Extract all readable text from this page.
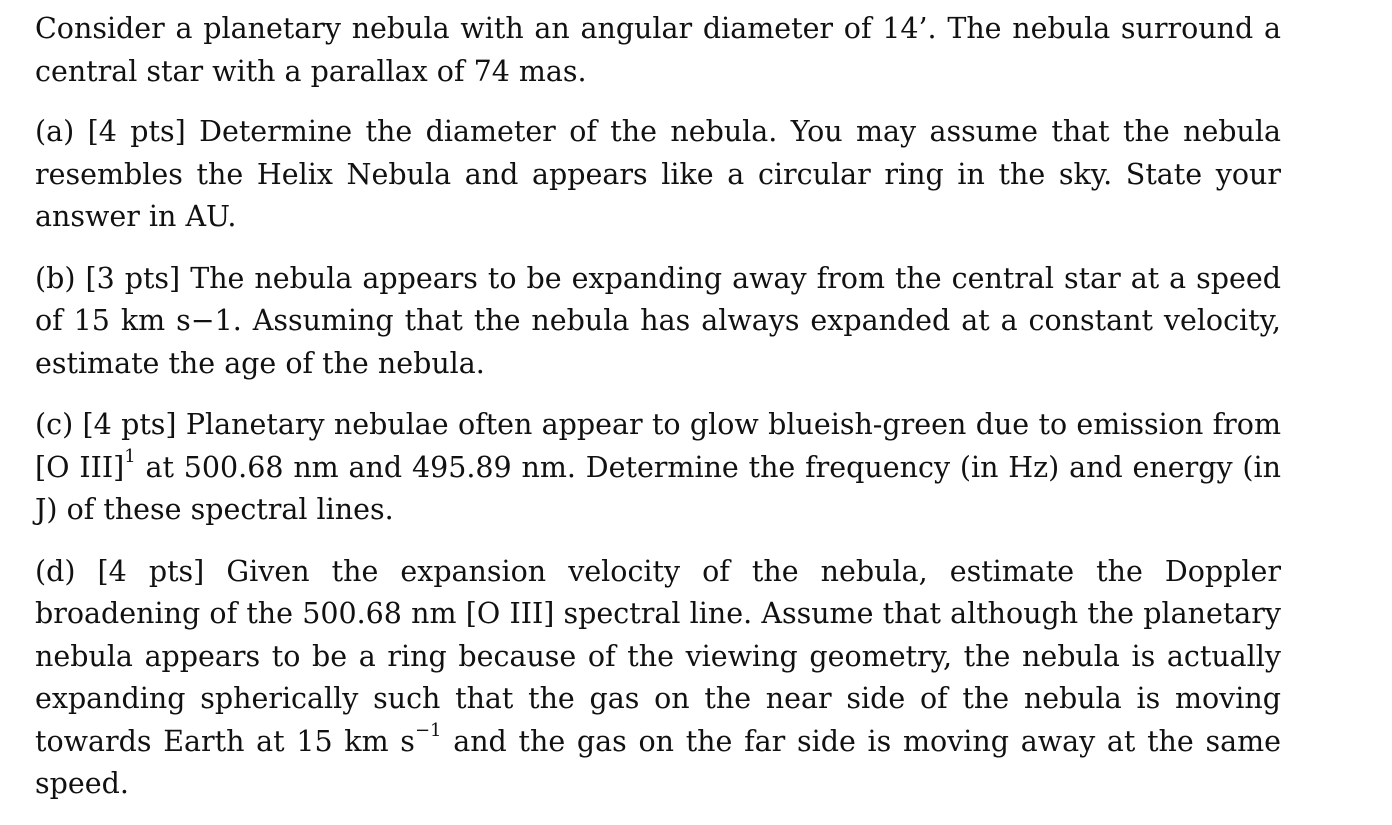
Consider a planetary nebula with an angular diameter of 14’. The nebula surround a central star with a parallax of 74 mas.

(a) [4 pts] Determine the diameter of the nebula. You may assume that the nebula resembles the Helix Nebula and appears like a circular ring in the sky. State your answer in AU.

(b) [3 pts] The nebula appears to be expanding away from the central star at a speed of 15 km s−1. Assuming that the nebula has always expanded at a constant velocity, estimate the age of the nebula.

(c) [4 pts] Planetary nebulae often appear to glow blueish-green due to emission from [O III]$^1$ at 500.68 nm and 495.89 nm. Determine the frequency (in Hz) and energy (in J) of these spectral lines.

(d) [4 pts] Given the expansion velocity of the nebula, estimate the Doppler broadening of the 500.68 nm [O III] spectral line. Assume that although the planetary nebula appears to be a ring because of the viewing geometry, the nebula is actually expanding spherically such that the gas on the near side of the nebula is moving towards Earth at 15 km $s^{-1}$ and the gas on the far side is moving away at the same speed.
